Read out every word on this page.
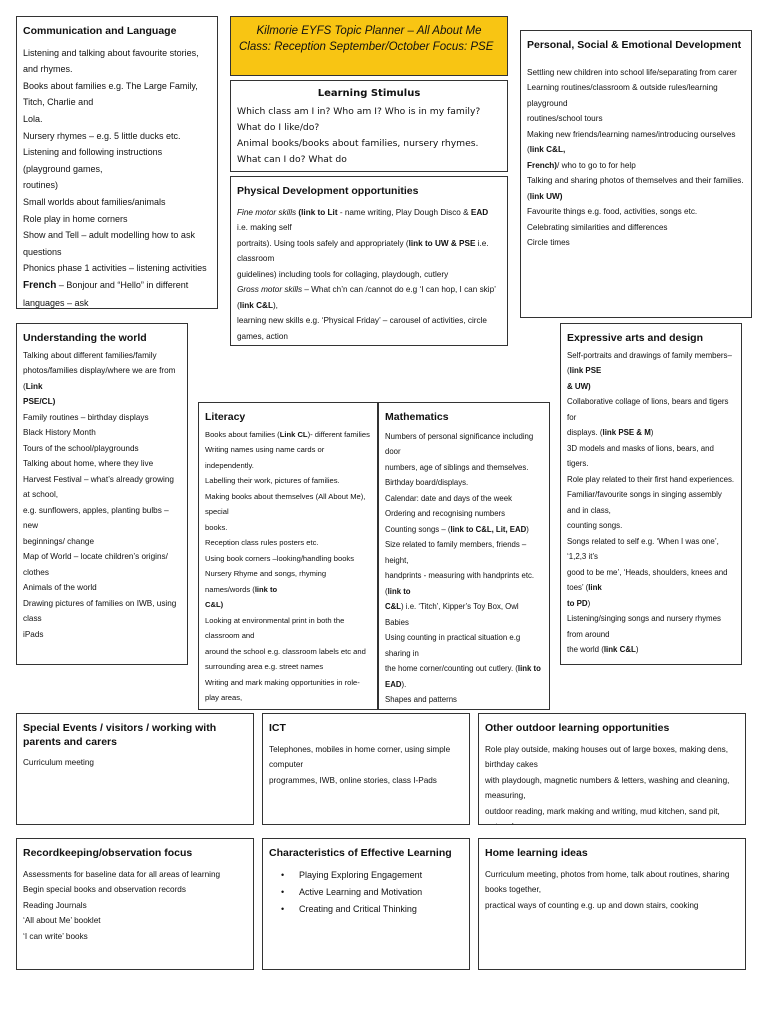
Communication and Language

Listening and talking about favourite stories, and rhymes.

Books about families e.g. The Large Family, Titch, Charlie and

Lola.

Nursery rhymes – e.g. 5 little ducks etc.

Listening and following instructions (playground games,

routines)

Small worlds about families/animals

Role play in home corners

Show and Tell – adult modelling how to ask questions

Phonics phase 1 activities – listening activities

French – Bonjour and “Hello” in different languages – ask

Kilmorie EYFS Topic Planner – All About Me
Class: Reception September/October Focus: PSE
Learning Stimulus

Which class am I in? Who am I? Who is in my family? What do I like/do?

Animal books/books about families, nursery rhymes. What can I do? What do

Physical Development opportunities

Fine motor skills (link to Lit - name writing, Play Dough Disco & EAD i.e. making self

portraits). Using tools safely and appropriately (link to UW & PSE i.e. classroom

guidelines) including tools for collaging, playdough, cutlery

Gross motor skills – What ch’n can /cannot do e.g ‘I can hop, I can skip’ (link C&L),

learning new skills e.g. ‘Physical Friday’ – carousel of activities, circle games, action

Personal, Social & Emotional Development

Settling new children into school life/separating from carer

Learning routines/classroom & outside rules/learning playground

routines/school tours

Making new friends/learning names/introducing ourselves (link C&L,

French)/ who to go to for help

Talking and sharing photos of themselves and their families. (link UW)

Favourite things e.g. food, activities, songs etc.

Celebrating similarities and differences

Circle times

Understanding the world

Talking about different families/family

photos/families display/where we are from (Link

PSE/CL)

Family routines – birthday displays

Black History Month

Tours of the school/playgrounds

Talking about home, where they live

Harvest Festival – what’s already growing at school,

e.g. sunflowers, apples, planting bulbs – new

beginnings/ change

Map of World – locate children’s origins/ clothes

Animals of the world

Drawing pictures of families on IWB, using class

iPads

Literacy

Books about families (Link CL)- different families

Writing names using name cards or independently.

Labelling their work, pictures of families.

Making books about themselves (All About Me), special

books.

Reception class rules posters etc.

Using book corners –looking/handling books

Nursery Rhyme and songs, rhyming names/words (link to

C&L)

Looking at environmental print in both the classroom and

around the school e.g. classroom labels etc and

surrounding area e.g. street names

Writing and mark making opportunities in role-play areas,

Mathematics

Numbers of personal significance including door

numbers, age of siblings and themselves.

Birthday board/displays.

Calendar: date and days of the week

Ordering and recognising numbers

Counting songs – (link to C&L, Lit, EAD)

Size related to family members, friends – height,

handprints - measuring with handprints etc. (link to

C&L) i.e. ‘Titch’, Kipper’s Toy Box, Owl Babies

Using counting in practical situation e.g sharing in

the home corner/counting out cutlery. (link to EAD).

Shapes and patterns

Expressive arts and design

Self-portraits and drawings of family members– (link PSE

& UW)

Collaborative collage of lions, bears and tigers for

displays. (link PSE & M)

3D models and masks of lions, bears, and tigers.

Role play related to their first hand experiences.

Familiar/favourite songs in singing assembly and in class,

counting songs.

Songs related to self e.g. ‘When I was one’, ‘1,2,3 it’s

good to be me’, ‘Heads, shoulders, knees and toes’ (link

to PD)

Listening/singing songs and nursery rhymes from around

the world (link C&L)

Special Events / visitors / working with parents and carers

Curriculum meeting

ICT

Telephones, mobiles in home corner, using simple computer

programmes, IWB, online stories, class I-Pads

Other outdoor learning opportunities

Role play outside, making houses out of large boxes, making dens, birthday cakes

with playdough, magnetic numbers & letters, washing and cleaning, measuring,

outdoor reading, mark making and writing, mud kitchen, sand pit,

Recordkeeping/observation focus

Assessments for baseline data for all areas of learning

Begin special books and observation records

Reading Journals

‘All about Me’ booklet

‘I can write’ books

Characteristics of Effective Learning
• Playing Exploring Engagement
• Active Learning and Motivation
• Creating and Critical Thinking
Home learning ideas

Curriculum meeting, photos from home, talk about routines, sharing books together,

practical ways of counting e.g. up and down stairs, cooking
